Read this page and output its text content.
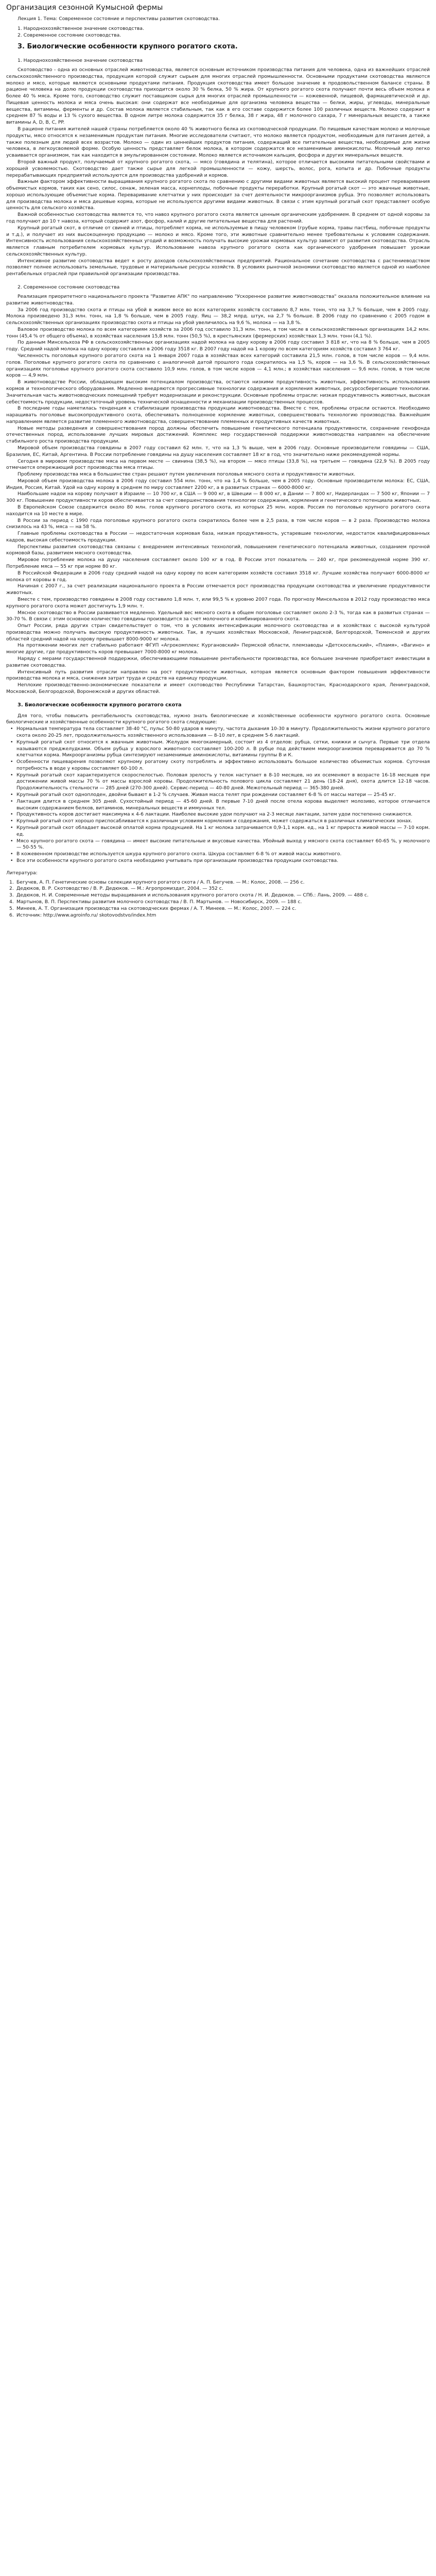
Организация сезонной Кумысной фермы
Лекция 1. Тема: Современное состояние и перспективы развития скотоводства.
1. Народнохозяйственное значение скотоводства.
2. Современное состояние скотоводства.
3. Биологические особенности крупного рогатого скота.
1. Народнохозяйственное значение скотоводства

Скотоводство - одна из основных отраслей животноводства, является основным источником производства питания для человека, одна из важнейших отраслей сельскохозяйственного производства, продукция которой служит сырьем для многих отраслей промышленности. Основными продуктами скотоводства являются молоко и мясо, которые являются основными продуктами питания. Продукция скотоводства имеет большое значение в продовольственном балансе страны. В рационе человека на долю продукции скотоводства приходится около 30 % белка, 50 % жира. От крупного рогатого скота получают почти весь объем молока и более 40 % мяса. Кроме того, скотоводство служит поставщиком сырья для многих отраслей промышленности — кожевенной, пищевой, фармацевтической и др. Пищевая ценность молока и мяса очень высокая: они содержат все необходимые для организма человека вещества — белки, жиры, углеводы, минеральные вещества, витамины, ферменты и др. Состав молока является стабильным, так как в его составе содержится более 100 различных веществ. Молоко содержит в среднем 87 % воды и 13 % сухого вещества. В одном литре молока содержится 35 г белка, 38 г жира, 48 г молочного сахара, 7 г минеральных веществ, а также витамины A, D, B, C, PP.

В рационе питания жителей нашей страны потребляется около 40 % животного белка из скотоводческой продукции. По пищевым качествам молоко и молочные продукты, мясо относятся к незаменимым продуктам питания. Многие исследователи считают, что молоко является продуктом, необходимым для питания детей, а также полезным для людей всех возрастов. Молоко — один из ценнейших продуктов питания, содержащий все питательные вещества, необходимые для жизни человека, в легкоусвояемой форме. Особую ценность представляет белок молока, в котором содержатся все незаменимые аминокислоты. Молочный жир легко усваивается организмом, так как находится в эмульгированном состоянии. Молоко является источником кальция, фосфора и других минеральных веществ.

Второй важный продукт, получаемый от крупного рогатого скота, — мясо (говядина и телятина), которое отличается высокими питательными свойствами и хорошей усвояемостью. Скотоводство дает также сырье для легкой промышленности — кожу, шерсть, волос, рога, копыта и др. Побочные продукты перерабатывающих предприятий используются для производства удобрений и кормов.

Важным фактором эффективности выращивания крупного рогатого скота по сравнению с другими видами животных является высокий процент переваривания объемистых кормов, таких как сено, силос, сенаж, зеленая масса, корнеплоды, побочные продукты переработки. Крупный рогатый скот — это жвачные животные, хорошо использующие объемистые корма. Переваривание клетчатки у них происходит за счет деятельности микроорганизмов рубца. Это позволяет использовать для производства молока и мяса дешевые корма, которые не используются другими видами животных. В связи с этим крупный рогатый скот представляет особую ценность для сельского хозяйства.

Важной особенностью скотоводства является то, что навоз крупного рогатого скота является ценным органическим удобрением. В среднем от одной коровы за год получают до 10 т навоза, который содержит азот, фосфор, калий и другие питательные вещества для растений.

Крупный рогатый скот, в отличие от свиней и птицы, потребляет корма, не используемые в пищу человеком (грубые корма, травы пастбищ, побочные продукты и т.д.), и получает из них высокоценную продукцию — молоко и мясо. Кроме того, эти животные сравнительно менее требовательны к условиям содержания. Интенсивность использования сельскохозяйственных угодий и возможность получать высокие урожаи кормовых культур зависят от развития скотоводства. Отрасль является главным потребителем кормовых культур. Использование навоза крупного рогатого скота как органического удобрения повышает урожаи сельскохозяйственных культур.

Интенсивное развитие скотоводства ведет к росту доходов сельскохозяйственных предприятий. Рациональное сочетание скотоводства с растениеводством позволяет полнее использовать земельные, трудовые и материальные ресурсы хозяйств. В условиях рыночной экономики скотоводство является одной из наиболее рентабельных отраслей при правильной организации производства.

2. Современное состояние скотоводства

Реализация приоритетного национального проекта "Развитие АПК" по направлению "Ускоренное развитие животноводства" оказала положительное влияние на развитие животноводства.

За 2006 год производство скота и птицы на убой в живом весе во всех категориях хозяйств составило 8,7 млн. тонн, что на 3,7 % больше, чем в 2005 году. Молока произведено 31,3 млн. тонн, на 1,8 % больше, чем в 2005 году. Яиц — 38,2 млрд. штук, на 2,7 % больше. В 2006 году по сравнению с 2005 годом в сельскохозяйственных организациях производство скота и птицы на убой увеличилось на 9,6 %, молока — на 3,8 %.

Валовое производство молока по всем категориям хозяйств за 2006 год составило 31,3 млн. тонн, в том числе в сельскохозяйственных организациях 14,2 млн. тонн (45,4 % от общего объема), в хозяйствах населения 15,8 млн. тонн (50,5 %), в крестьянских (фермерских) хозяйствах 1,3 млн. тонн (4,1 %).

По данным Минсельхоза РФ в сельскохозяйственных организациях надой молока на одну корову в 2006 году составил 3 818 кг, что на 8 % больше, чем в 2005 году. Средний надой молока на одну корову составлял в 2006 году 3518 кг. В 2007 году надой на 1 корову по всем категориям хозяйств составил 3 764 кг.

Численность поголовья крупного рогатого скота на 1 января 2007 года в хозяйствах всех категорий составила 21,5 млн. голов, в том числе коров — 9,4 млн. голов. Поголовье крупного рогатого скота по сравнению с аналогичной датой прошлого года сократилось на 1,5 %, коров — на 3,6 %. В сельскохозяйственных организациях поголовье крупного рогатого скота составило 10,9 млн. голов, в том числе коров — 4,1 млн.; в хозяйствах населения — 9,6 млн. голов, в том числе коров — 4,9 млн.

В животноводстве России, обладающем высоким потенциалом производства, остаются низкими продуктивность животных, эффективность использования кормов и технологического оборудования. Медленно внедряются прогрессивные технологии содержания и кормления животных, ресурсосберегающие технологии. Значительная часть животноводческих помещений требует модернизации и реконструкции. Основные проблемы отрасли: низкая продуктивность животных, высокая себестоимость продукции, недостаточный уровень технической оснащенности и механизации производственных процессов.

В последние годы наметилась тенденция к стабилизации производства продукции животноводства. Вместе с тем, проблемы отрасли остаются. Необходимо наращивать поголовье высокопродуктивного скота, обеспечивать полноценное кормление животных, совершенствовать технологию производства. Важнейшим направлением является развитие племенного животноводства, совершенствование племенных и продуктивных качеств животных.

Новые методы разведения и совершенствования пород должны обеспечить повышение генетического потенциала продуктивности, сохранение генофонда отечественных пород, использование лучших мировых достижений. Комплекс мер государственной поддержки животноводства направлен на обеспечение стабильного роста производства продукции.

Мировой объем производства говядины в 2007 году составил 62 млн. т, что на 1,3 % выше, чем в 2006 году. Основные производители говядины — США, Бразилия, ЕС, Китай, Аргентина. В России потребление говядины на душу населения составляет 18 кг в год, что значительно ниже рекомендуемой нормы.

Сегодня в мировом производстве мяса на первом месте — свинина (38,5 %), на втором — мясо птицы (33,8 %), на третьем — говядина (22,9 %). В 2005 году отмечается опережающий рост производства мяса птицы.

Проблему производства мяса в большинстве стран решают путем увеличения поголовья мясного скота и продуктивности животных.

Мировой объем производства молока в 2006 году составил 554 млн. тонн, что на 1,4 % больше, чем в 2005 году. Основные производители молока: ЕС, США, Индия, Россия, Китай. Удой на одну корову в среднем по миру составляет 2200 кг, а в развитых странах — 6000-8000 кг.

Наибольшие надои на корову получают в Израиле — 10 700 кг, в США — 9 000 кг, в Швеции — 8 000 кг, в Дании — 7 800 кг, Нидерландах — 7 500 кг, Японии — 7 300 кг. Повышение продуктивности коров обеспечивается за счет совершенствования технологии содержания, кормления и генетического потенциала животных.

В Европейском Союзе содержится около 80 млн. голов крупного рогатого скота, из которых 25 млн. коров. Россия по поголовью крупного рогатого скота находится на 10 месте в мире.

В России за период с 1990 года поголовье крупного рогатого скота сократилось более чем в 2,5 раза, в том числе коров — в 2 раза. Производство молока снизилось на 43 %, мяса — на 58 %.

Главные проблемы скотоводства в России — недостаточная кормовая база, низкая продуктивность, устаревшие технологии, недостаток квалифицированных кадров, высокая себестоимость продукции.

Перспективы развития скотоводства связаны с внедрением интенсивных технологий, повышением генетического потенциала животных, созданием прочной кормовой базы, развитием мясного скотоводства.

Мировое потребление молока на душу населения составляет около 100 кг в год. В России этот показатель — 240 кг, при рекомендуемой норме 390 кг. Потребление мяса — 55 кг при норме 80 кг.

В Российской Федерации в 2006 году средний надой на одну корову по всем категориям хозяйств составил 3518 кг. Лучшие хозяйства получают 6000-8000 кг молока от коровы в год.

Начиная с 2007 г., за счет реализации национального проекта в России отмечается рост производства продукции скотоводства и увеличение продуктивности животных.

Вместе с тем, производство говядины в 2008 году составило 1,8 млн. т, или 99,5 % к уровню 2007 года. По прогнозу Минсельхоза в 2012 году производство мяса крупного рогатого скота может достигнуть 1,9 млн. т.

Мясное скотоводство в России развивается медленно. Удельный вес мясного скота в общем поголовье составляет около 2-3 %, тогда как в развитых странах — 30-70 %. В связи с этим основное количество говядины производится за счет молочного и комбинированного скота.

Опыт России, ряда других стран свидетельствует о том, что в условиях интенсификации молочного скотоводства и в хозяйствах с высокой культурой производства можно получать высокую продуктивность животных. Так, в лучших хозяйствах Московской, Ленинградской, Белгородской, Тюменской и других областей средний надой на корову превышает 8000-9000 кг молока.

На протяжении многих лет стабильно работают ФГУП «Агрокомплекс Кургановский» Пермской области, племзаводы «Детскосельский», «Пламя», «Вагино» и многие другие, где продуктивность коров превышает 7000-8000 кг молока.

Наряду с мерами государственной поддержки, обеспечивающими повышение рентабельности производства, все большее значение приобретают инвестиции в развитие скотоводства.

Интенсивный путь развития отрасли направлен на рост продуктивности животных, которая является основным фактором повышения эффективности производства молока и мяса, снижения затрат труда и средств на единицу продукции.

Неплохие производственно-экономические показатели и имеет скотоводство Республики Татарстан, Башкортостан, Краснодарского края, Ленинградской, Московской, Белгородской, Воронежской и других областей.

3. Биологические особенности крупного рогатого скота

Для того, чтобы повысить рентабельность скотоводства, нужно знать биологические и хозяйственные особенности крупного рогатого скота. Основные биологические и хозяйственные особенности крупного рогатого скота следующие:

• Нормальная температура тела составляет 38-40 °С, пульс 50-80 ударов в минуту, частота дыхания 10-30 в минуту. Продолжительность жизни крупного рогатого скота около 20-25 лет, продолжительность хозяйственного использования — 8-10 лет, в среднем 5-6 лактаций.
• Крупный рогатый скот относится к жвачным животным. Желудок многокамерный, состоит из 4 отделов: рубца, сетки, книжки и сычуга. Первые три отдела называются преджелудками. Объем рубца у взрослого животного составляет 100-200 л. В рубце под действием микроорганизмов переваривается до 70 % клетчатки корма. Микроорганизмы рубца синтезируют незаменимые аминокислоты, витамины группы В и К.
• Особенности пищеварения позволяют крупному рогатому скоту потреблять и эффективно использовать большое количество объемистых кормов. Суточная потребность в воде у коровы составляет 60-100 л.
• Крупный рогатый скот характеризуется скороспелостью. Половая зрелость у телок наступает в 8-10 месяцев, но их осеменяют в возрасте 16-18 месяцев при достижении живой массы 70 % от массы взрослой коровы. Продолжительность полового цикла составляет 21 день (18-24 дня), охота длится 12-18 часов. Продолжительность стельности — 285 дней (270-300 дней). Сервис-период — 40-80 дней. Межотельный период — 365-380 дней.
• Крупный рогатый скот одноплоден, двойни бывают в 1-2 % случаев. Живая масса телят при рождении составляет 6-8 % от массы матери — 25-45 кг.
• Лактация длится в среднем 305 дней. Сухостойный период — 45-60 дней. В первые 7-10 дней после отела корова выделяет молозиво, которое отличается высоким содержанием белков, витаминов, минеральных веществ и иммунных тел.
• Продуктивность коров достигает максимума к 4-6 лактации. Наиболее высокие удои получают на 2-3 месяце лактации, затем удои постепенно снижаются.
• Крупный рогатый скот хорошо приспосабливается к различным условиям кормления и содержания, может содержаться в различных климатических зонах.
• Крупный рогатый скот обладает высокой оплатой корма продукцией. На 1 кг молока затрачивается 0,9-1,1 корм. ед., на 1 кг прироста живой массы — 7-10 корм. ед.
• Мясо крупного рогатого скота — говядина — имеет высокие питательные и вкусовые качества. Убойный выход у мясного скота составляет 60-65 %, у молочного — 50-55 %.
• В кожевенном производстве используется шкура крупного рогатого скота. Шкура составляет 6-8 % от живой массы животного.
• Все эти особенности крупного рогатого скота необходимо учитывать при организации производства продукции скотоводства.
Литература:
1. Бегучев, А. П. Генетические основы селекции крупного рогатого скота / А. П. Бегучев. — М.: Колос, 2008. — 256 с.
2. Дедюков, В. Р. Скотоводство / В. Р. Дедюков. — М.: Агропромиздат, 2004. — 352 с.
3. Дедюков, Н. И. Современные методы выращивания и использования крупного рогатого скота / Н. И. Дедюков. — СПб.: Лань, 2009. — 488 с.
4. Мартынов, В. П. Перспективы развития молочного скотоводства / В. П. Мартынов. — Новосибирск, 2009. — 188 с.
5. Минеев, А. Т. Организация производства на скотоводческих фермах / А. Т. Минеев. — М.: Колос, 2007. — 224 с.
6. Источник: http://www.agroinfo.ru/ skotovodstvo/index.htm
